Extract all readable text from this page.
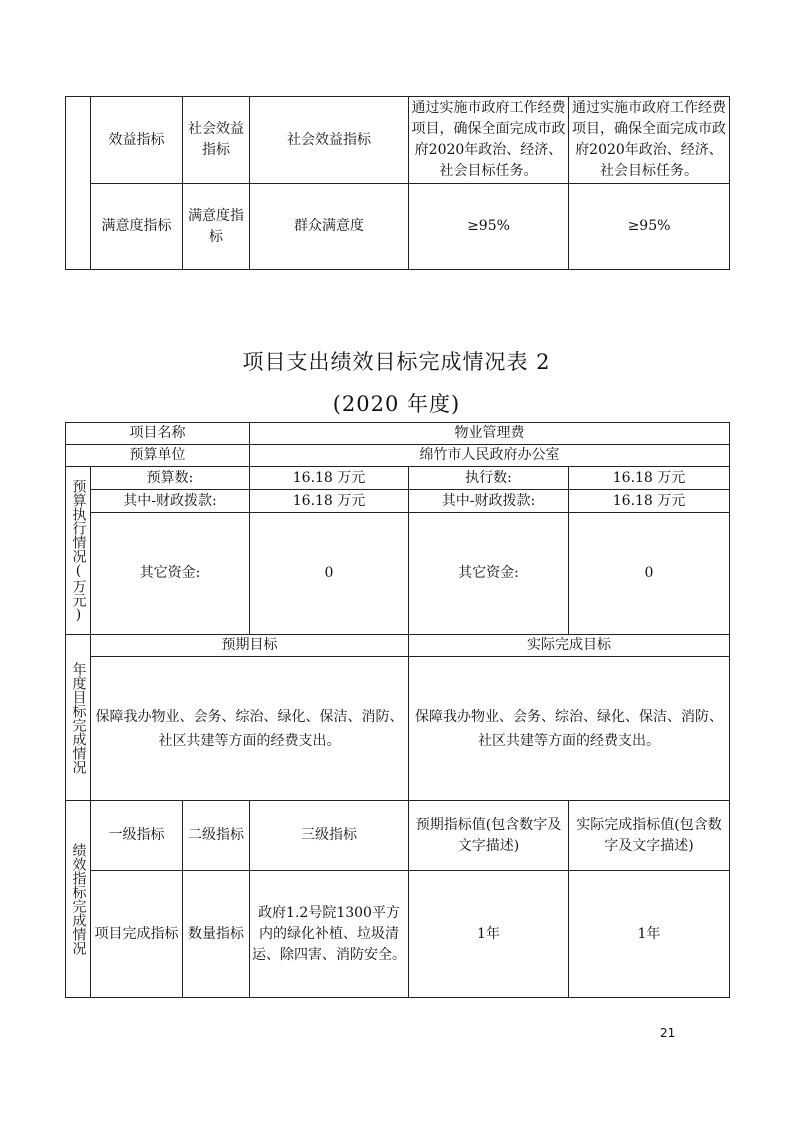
	效益指标	社会效益指标	社会效益指标	通过实施市政府工作经费项目，确保全面完成市政府2020年政治、经济、社会目标任务。	通过实施市政府工作经费项目，确保全面完成市政府2020年政治、经济、社会目标任务。
	满意度指标	满意度指标	群众满意度	≥95%	≥95%
项目支出绩效目标完成情况表 2
(2020 年度)
项目名称			物业管理费		
预算单位			绵竹市人民政府办公室		
预算执行情况(万元)	预算数:		16.18 万元	执行数:	16.18 万元
	其中-财政拨款:		16.18 万元	其中-财政拨款:	16.18 万元
	其它资金:		0	其它资金:	0
年度目标完成情况	预期目标			实际完成目标	
	保障我办物业、会务、综治、绿化、保洁、消防、社区共建等方面的经费支出。			保障我办物业、会务、综治、绿化、保洁、消防、社区共建等方面的经费支出。	
绩效指标完成情况	一级指标	二级指标	三级指标	预期指标值(包含数字及文字描述)	实际完成指标值(包含数字及文字描述)
	项目完成指标	数量指标	政府1.2号院1300平方内的绿化补植、垃圾清运、除四害、消防安全。	1年	1年
21
